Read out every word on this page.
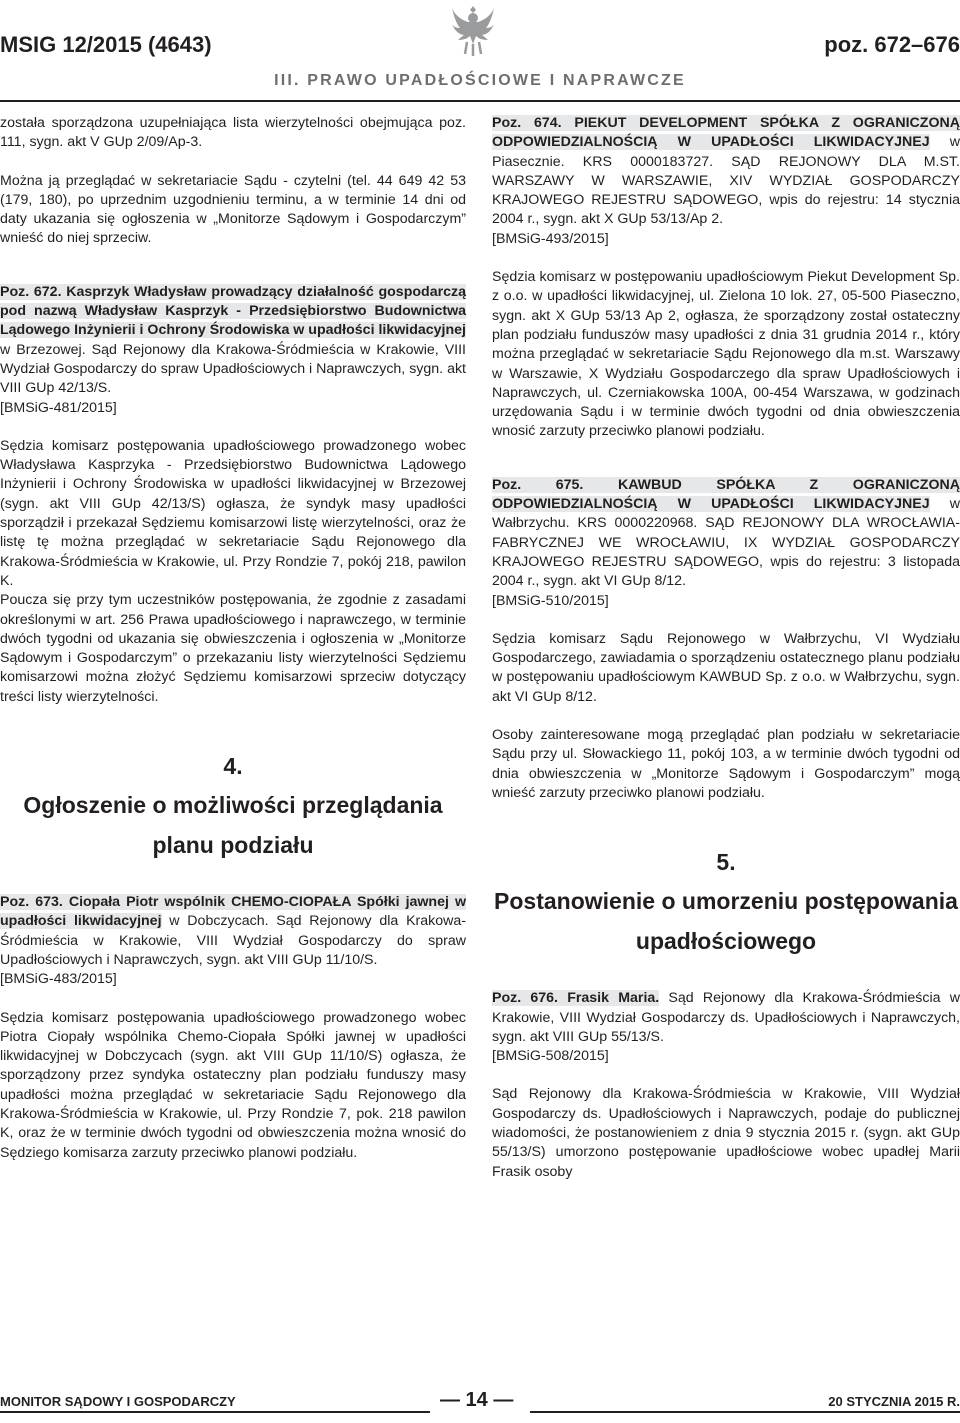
MSIG 12/2015 (4643)	poz. 672–676
III. PRAWO UPADŁOŚCIOWE I NAPRAWCZE

została sporządzona uzupełniająca lista wierzytelności obejmująca poz. 111, sygn. akt V GUp 2/09/Ap-3.

Można ją przeglądać w sekretariacie Sądu - czytelni (tel. 44 649 42 53 (179, 180), po uprzednim uzgodnieniu terminu, a w terminie 14 dni od daty ukazania się ogłoszenia w „Monitorze Sądowym i Gospodarczym” wnieść do niej sprzeciw.

Poz. 672. Kasprzyk Władysław prowadzący działalność gospodarczą pod nazwą Władysław Kasprzyk - Przedsiębiorstwo Budownictwa Lądowego Inżynierii i Ochrony Środowiska w upadłości likwidacyjnej w Brzezowej. Sąd Rejonowy dla Krakowa-Śródmieścia w Krakowie, VIII Wydział Gospodarczy do spraw Upadłościowych i Naprawczych, sygn. akt VIII GUp 42/13/S.
[BMSiG-481/2015]

Sędzia komisarz postępowania upadłościowego prowadzonego wobec Władysława Kasprzyka - Przedsiębiorstwo Budownictwa Lądowego Inżynierii i Ochrony Środowiska w upadłości likwidacyjnej w Brzezowej (sygn. akt VIII GUp 42/13/S) ogłasza, że syndyk masy upadłości sporządził i przekazał Sędziemu komisarzowi listę wierzytelności, oraz że listę tę można przeglądać w sekretariacie Sądu Rejonowego dla Krakowa-Śródmieścia w Krakowie, ul. Przy Rondzie 7, pokój 218, pawilon K.

Poucza się przy tym uczestników postępowania, że zgodnie z zasadami określonymi w art. 256 Prawa upadłościowego i naprawczego, w terminie dwóch tygodni od ukazania się obwieszczenia i ogłoszenia w „Monitorze Sądowym i Gospodarczym” o przekazaniu listy wierzytelności Sędziemu komisarzowi można złożyć Sędziemu komisarzowi sprzeciw dotyczący treści listy wierzytelności.

4.
Ogłoszenie o możliwości przeglądania planu podziału

Poz. 673. Ciopała Piotr wspólnik CHEMO-CIOPAŁA Spółki jawnej w upadłości likwidacyjnej w Dobczycach. Sąd Rejonowy dla Krakowa-Śródmieścia w Krakowie, VIII Wydział Gospodarczy do spraw Upadłościowych i Naprawczych, sygn. akt VIII GUp 11/10/S.
[BMSiG-483/2015]

Sędzia komisarz postępowania upadłościowego prowadzonego wobec Piotra Ciopały wspólnika Chemo-Ciopała Spółki jawnej w upadłości likwidacyjnej w Dobczycach (sygn. akt VIII GUp 11/10/S) ogłasza, że sporządzony przez syndyka ostateczny plan podziału funduszy masy upadłości można przeglądać w sekretariacie Sądu Rejonowego dla Krakowa-Śródmieścia w Krakowie, ul. Przy Rondzie 7, pok. 218 pawilon K, oraz że w terminie dwóch tygodni od obwieszczenia można wnosić do Sędziego komisarza zarzuty przeciwko planowi podziału.

Poz. 674. PIEKUT DEVELOPMENT SPÓŁKA Z OGRANICZONĄ ODPOWIEDZIALNOŚCIĄ W UPADŁOŚCI LIKWIDACYJNEJ w Piasecznie. KRS 0000183727. SĄD REJONOWY DLA M.ST. WARSZAWY W WARSZAWIE, XIV WYDZIAŁ GOSPODARCZY KRAJOWEGO REJESTRU SĄDOWEGO, wpis do rejestru: 14 stycznia 2004 r., sygn. akt X GUp 53/13/Ap 2.
[BMSiG-493/2015]

Sędzia komisarz w postępowaniu upadłościowym Piekut Development Sp. z o.o. w upadłości likwidacyjnej, ul. Zielona 10 lok. 27, 05-500 Piaseczno, sygn. akt X GUp 53/13 Ap 2, ogłasza, że sporządzony został ostateczny plan podziału funduszów masy upadłości z dnia 31 grudnia 2014 r., który można przeglądać w sekretariacie Sądu Rejonowego dla m.st. Warszawy w Warszawie, X Wydziału Gospodarczego dla spraw Upadłościowych i Naprawczych, ul. Czerniakowska 100A, 00-454 Warszawa, w godzinach urzędowania Sądu i w terminie dwóch tygodni od dnia obwieszczenia wnosić zarzuty przeciwko planowi podziału.

Poz. 675. KAWBUD SPÓŁKA Z OGRANICZONĄ ODPOWIEDZIALNOŚCIĄ W UPADŁOŚCI LIKWIDACYJNEJ w Wałbrzychu. KRS 0000220968. SĄD REJONOWY DLA WROCŁAWIA-FABRYCZNEJ WE WROCŁAWIU, IX WYDZIAŁ GOSPODARCZY KRAJOWEGO REJESTRU SĄDOWEGO, wpis do rejestru: 3 listopada 2004 r., sygn. akt VI GUp 8/12.
[BMSiG-510/2015]

Sędzia komisarz Sądu Rejonowego w Wałbrzychu, VI Wydziału Gospodarczego, zawiadamia o sporządzeniu ostatecznego planu podziału w postępowaniu upadłościowym KAWBUD Sp. z o.o. w Wałbrzychu, sygn. akt VI GUp 8/12.

Osoby zainteresowane mogą przeglądać plan podziału w sekretariacie Sądu przy ul. Słowackiego 11, pokój 103, a w terminie dwóch tygodni od dnia obwieszczenia w „Monitorze Sądowym i Gospodarczym” mogą wnieść zarzuty przeciwko planowi podziału.

5.
Postanowienie o umorzeniu postępowania upadłościowego

Poz. 676. Frasik Maria. Sąd Rejonowy dla Krakowa-Śródmieścia w Krakowie, VIII Wydział Gospodarczy ds. Upadłościowych i Naprawczych, sygn. akt VIII GUp 55/13/S.
[BMSiG-508/2015]

Sąd Rejonowy dla Krakowa-Śródmieścia w Krakowie, VIII Wydział Gospodarczy ds. Upadłościowych i Naprawczych, podaje do publicznej wiadomości, że postanowieniem z dnia 9 stycznia 2015 r. (sygn. akt GUp 55/13/S) umorzono postępowanie upadłościowe wobec upadłej Marii Frasik osoby

MONITOR SĄDOWY I GOSPODARCZY	— 14 —	20 STYCZNIA 2015 R.
